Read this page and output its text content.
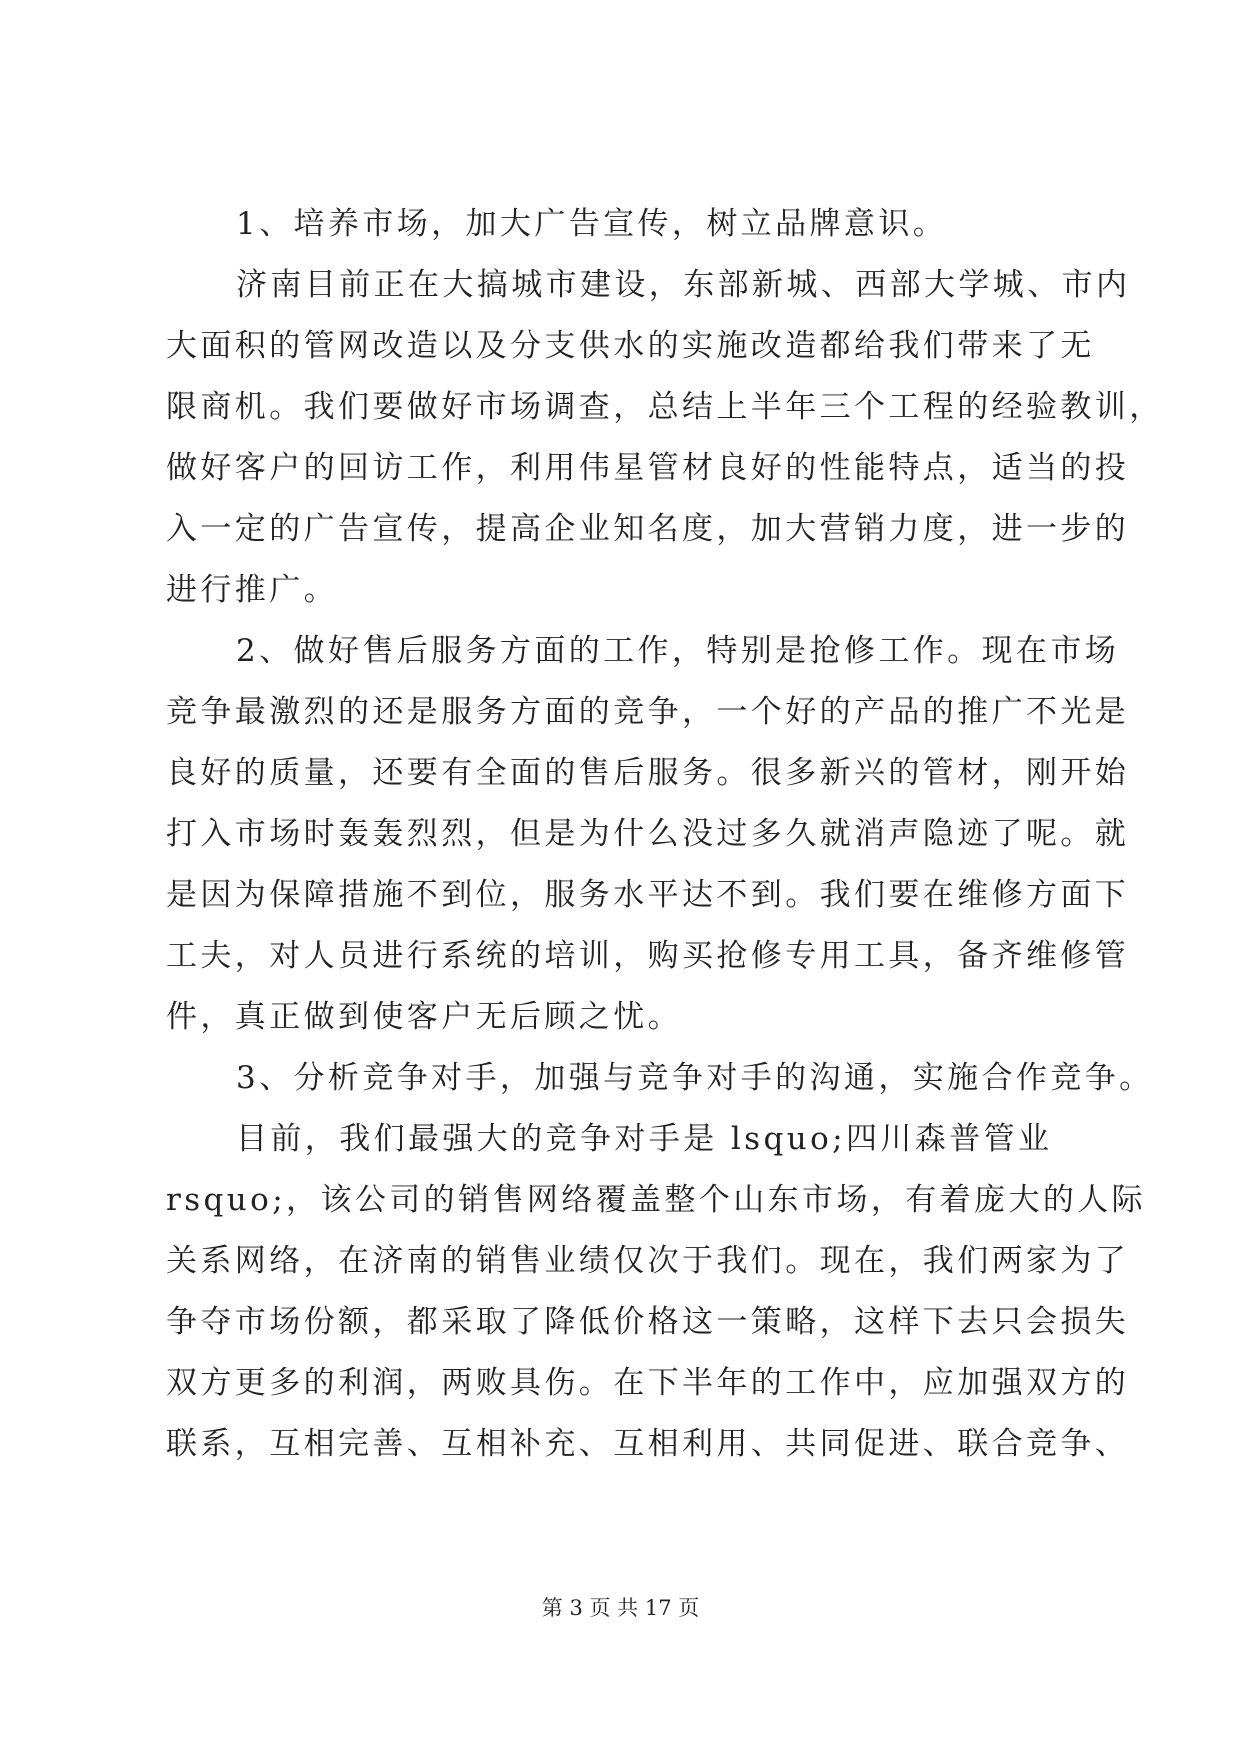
1、培养市场，加大广告宣传，树立品牌意识。
济南目前正在大搞城市建设，东部新城、西部大学城、市内
大面积的管网改造以及分支供水的实施改造都给我们带来了无
限商机。我们要做好市场调查，总结上半年三个工程的经验教训，
做好客户的回访工作，利用伟星管材良好的性能特点，适当的投
入一定的广告宣传，提高企业知名度，加大营销力度，进一步的
进行推广。
2、做好售后服务方面的工作，特别是抢修工作。现在市场
竞争最激烈的还是服务方面的竞争，一个好的产品的推广不光是
良好的质量，还要有全面的售后服务。很多新兴的管材，刚开始
打入市场时轰轰烈烈，但是为什么没过多久就消声隐迹了呢。就
是因为保障措施不到位，服务水平达不到。我们要在维修方面下
工夫，对人员进行系统的培训，购买抢修专用工具，备齐维修管
件，真正做到使客户无后顾之忧。
3、分析竞争对手，加强与竞争对手的沟通，实施合作竞争。
目前，我们最强大的竞争对手是 lsquo;四川森普管业
rsquo;，该公司的销售网络覆盖整个山东市场，有着庞大的人际
关系网络，在济南的销售业绩仅次于我们。现在，我们两家为了
争夺市场份额，都采取了降低价格这一策略，这样下去只会损失
双方更多的利润，两败具伤。在下半年的工作中，应加强双方的
联系，互相完善、互相补充、互相利用、共同促进、联合竞争、
第 3 页 共 17 页
